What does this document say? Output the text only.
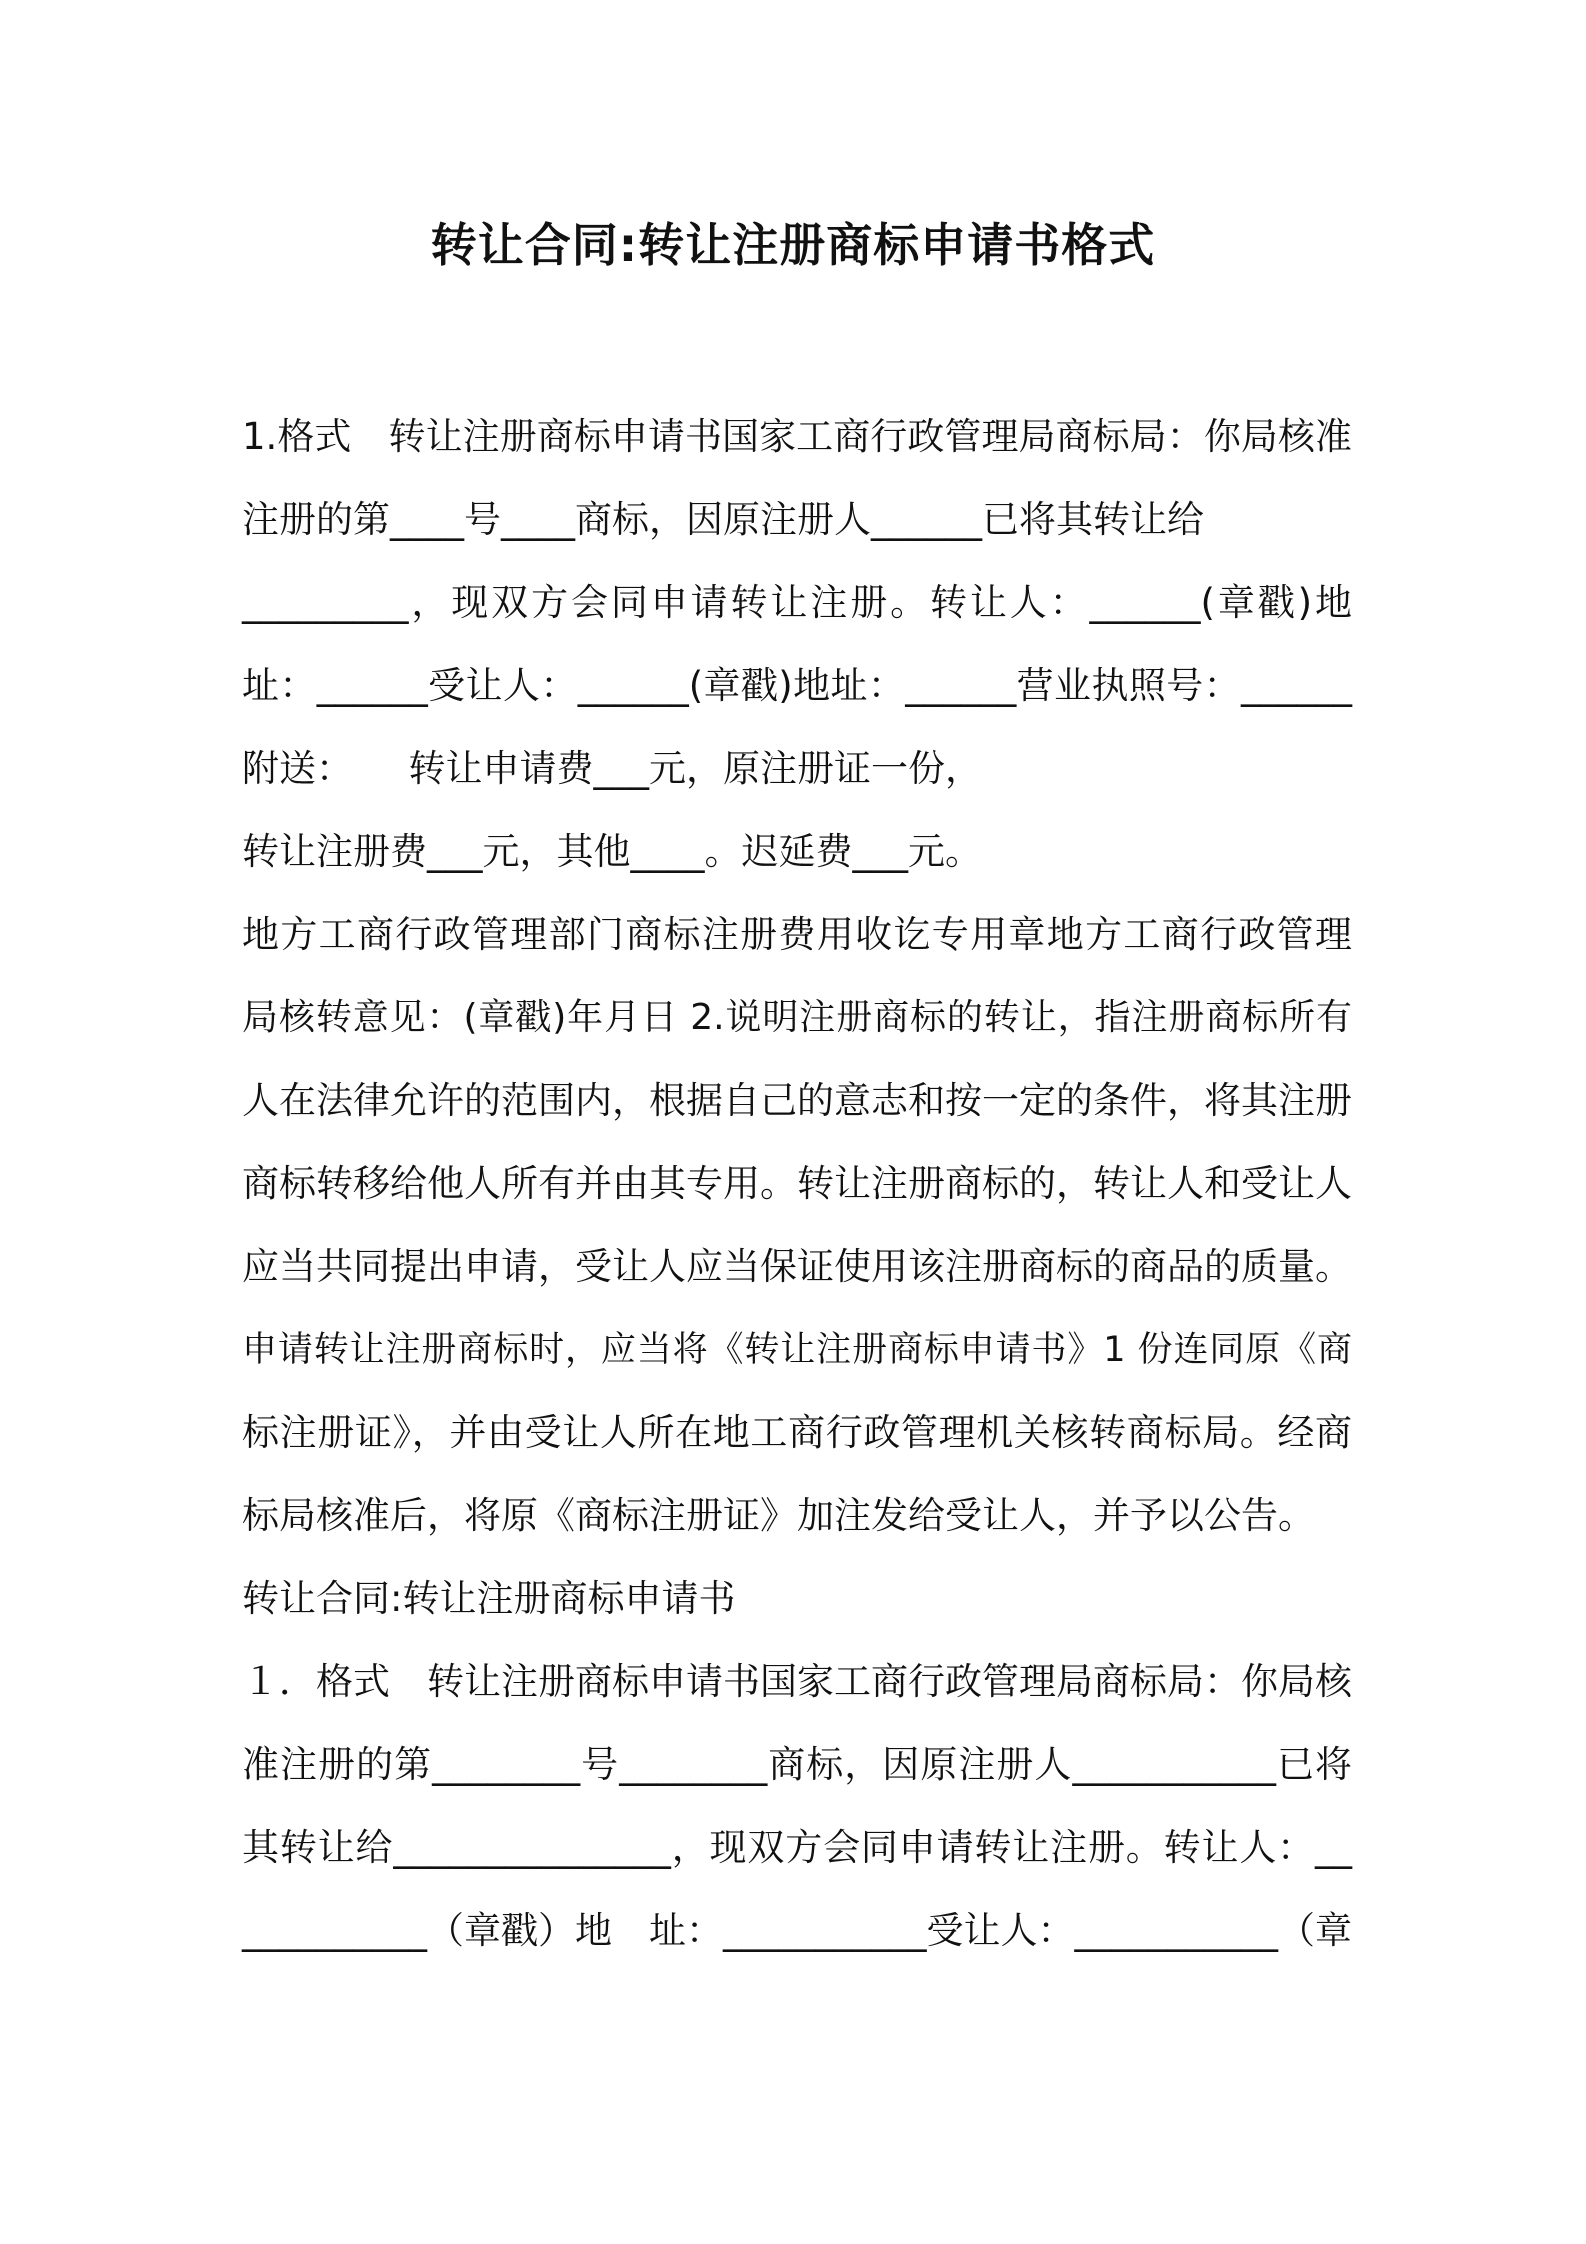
转让合同:转让注册商标申请书格式

1.格式　转让注册商标申请书国家工商行政管理局商标局：你局核准

注册的第____号____商标，因原注册人______已将其转让给

_________，现双方会同申请转让注册。转让人：______(章戳)地

址：______受让人：______(章戳)地址：______营业执照号：______

附送：　　转让申请费___元，原注册证一份，

转让注册费___元，其他____。迟延费___元。

地方工商行政管理部门商标注册费用收讫专用章地方工商行政管理

局核转意见：(章戳)年月日 2.说明注册商标的转让，指注册商标所有

人在法律允许的范围内，根据自己的意志和按一定的条件，将其注册

商标转移给他人所有并由其专用。转让注册商标的，转让人和受让人

应当共同提出申请，受让人应当保证使用该注册商标的商品的质量。

申请转让注册商标时，应当将《转让注册商标申请书》1 份连同原《商

标注册证》，并由受让人所在地工商行政管理机关核转商标局。经商

标局核准后，将原《商标注册证》加注发给受让人，并予以公告。

转让合同:转让注册商标申请书

１．格式　转让注册商标申请书国家工商行政管理局商标局：你局核

准注册的第________号________商标，因原注册人___________已将

其转让给_______________，现双方会同申请转让注册。转让人：__

__________（章戳）地　址：___________受让人：___________（章
